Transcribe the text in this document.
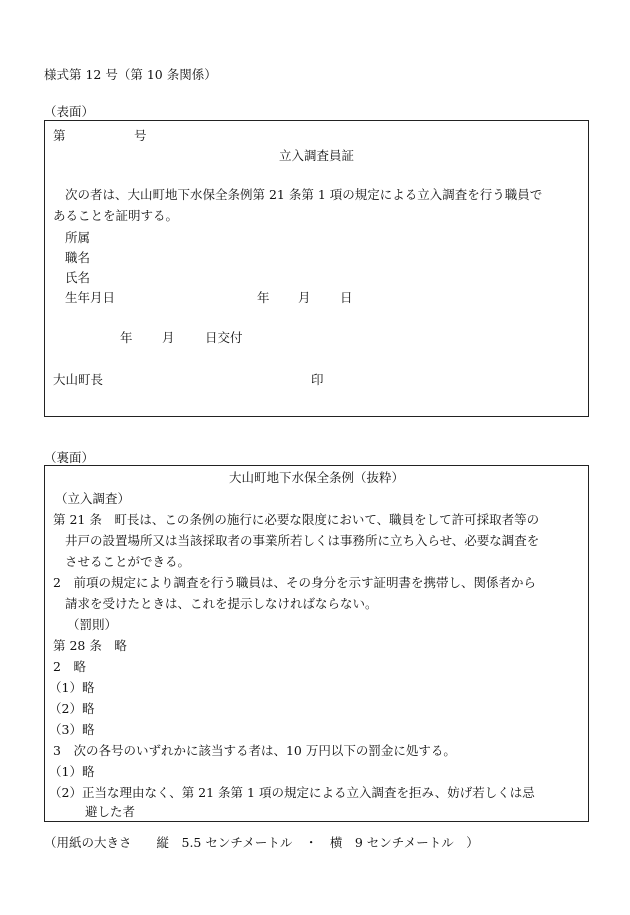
様式第 12 号（第 10 条関係）
（表面）
第	号
立入調査員証
次の者は、大山町地下水保全条例第 21 条第 1 項の規定による立入調査を行う職員で
あることを証明する。
所属
職名
氏名
生年月日	年 月 日
年 月 日交付
大山町長	印
（裏面）
大山町地下水保全条例（抜粋）
（立入調査）
第 21 条　町長は、この条例の施行に必要な限度において、職員をして許可採取者等の
井戸の設置場所又は当該採取者の事業所若しくは事務所に立ち入らせ、必要な調査を
させることができる。
2　前項の規定により調査を行う職員は、その身分を示す証明書を携帯し、関係者から
請求を受けたときは、これを提示しなければならない。
（罰則）
第 28 条　略
2　略
（1）略
（2）略
（3）略
3　次の各号のいずれかに該当する者は、10 万円以下の罰金に処する。
（1）略
（2）正当な理由なく、第 21 条第 1 項の規定による立入調査を拒み、妨げ若しくは忌
避した者
（用紙の大きさ　　縦　5.5 センチメートル　・　横　9 センチメートル　）
